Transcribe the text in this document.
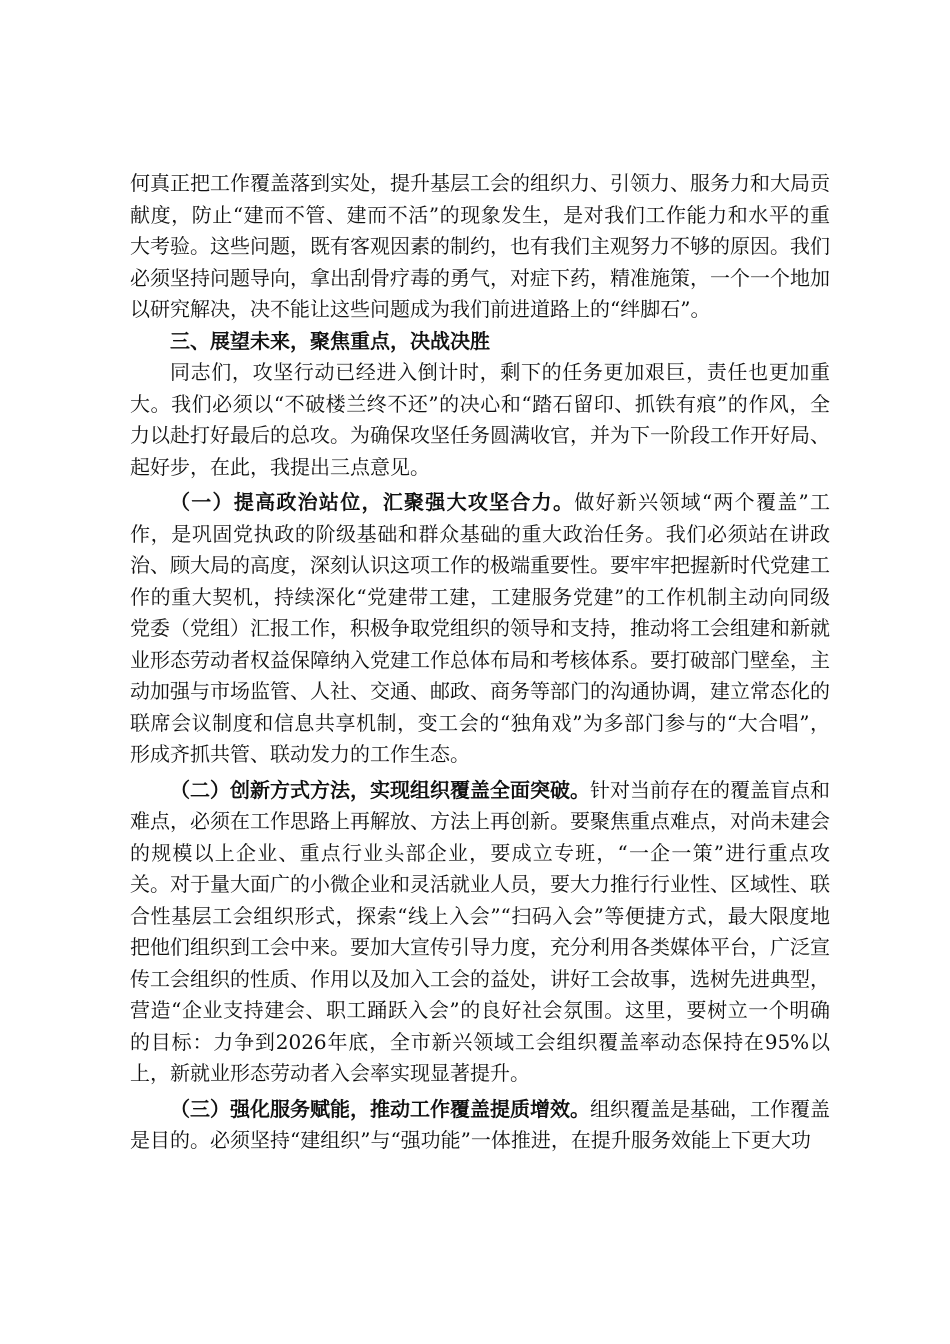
何真正把工作覆盖落到实处，提升基层工会的组织力、引领力、服务力和大局贡献度，防止“建而不管、建而不活”的现象发生，是对我们工作能力和水平的重大考验。这些问题，既有客观因素的制约，也有我们主观努力不够的原因。我们必须坚持问题导向，拿出刮骨疗毒的勇气，对症下药，精准施策，一个一个地加以研究解决，决不能让这些问题成为我们前进道路上的“绊脚石”。

三、展望未来，聚焦重点，决战决胜

同志们，攻坚行动已经进入倒计时，剩下的任务更加艰巨，责任也更加重大。我们必须以“不破楼兰终不还”的决心和“踏石留印、抓铁有痕”的作风，全力以赴打好最后的总攻。为确保攻坚任务圆满收官，并为下一阶段工作开好局、起好步，在此，我提出三点意见。

（一）提高政治站位，汇聚强大攻坚合力。做好新兴领域“两个覆盖”工作，是巩固党执政的阶级基础和群众基础的重大政治任务。我们必须站在讲政治、顾大局的高度，深刻认识这项工作的极端重要性。要牢牢把握新时代党建工作的重大契机，持续深化“党建带工建，工建服务党建”的工作机制主动向同级党委（党组）汇报工作，积极争取党组织的领导和支持，推动将工会组建和新就业形态劳动者权益保障纳入党建工作总体布局和考核体系。要打破部门壁垒，主动加强与市场监管、人社、交通、邮政、商务等部门的沟通协调，建立常态化的联席会议制度和信息共享机制，变工会的“独角戏”为多部门参与的“大合唱”，形成齐抓共管、联动发力的工作生态。

（二）创新方式方法，实现组织覆盖全面突破。针对当前存在的覆盖盲点和难点，必须在工作思路上再解放、方法上再创新。要聚焦重点难点，对尚未建会的规模以上企业、重点行业头部企业，要成立专班，“一企一策”进行重点攻关。对于量大面广的小微企业和灵活就业人员，要大力推行行业性、区域性、联合性基层工会组织形式，探索“线上入会”“扫码入会”等便捷方式，最大限度地把他们组织到工会中来。要加大宣传引导力度，充分利用各类媒体平台，广泛宣传工会组织的性质、作用以及加入工会的益处，讲好工会故事，选树先进典型，营造“企业支持建会、职工踊跃入会”的良好社会氛围。这里，要树立一个明确的目标：力争到2026年底，全市新兴领域工会组织覆盖率动态保持在95%以上，新就业形态劳动者入会率实现显著提升。

（三）强化服务赋能，推动工作覆盖提质增效。组织覆盖是基础，工作覆盖是目的。必须坚持“建组织”与“强功能”一体推进，在提升服务效能上下更大功
